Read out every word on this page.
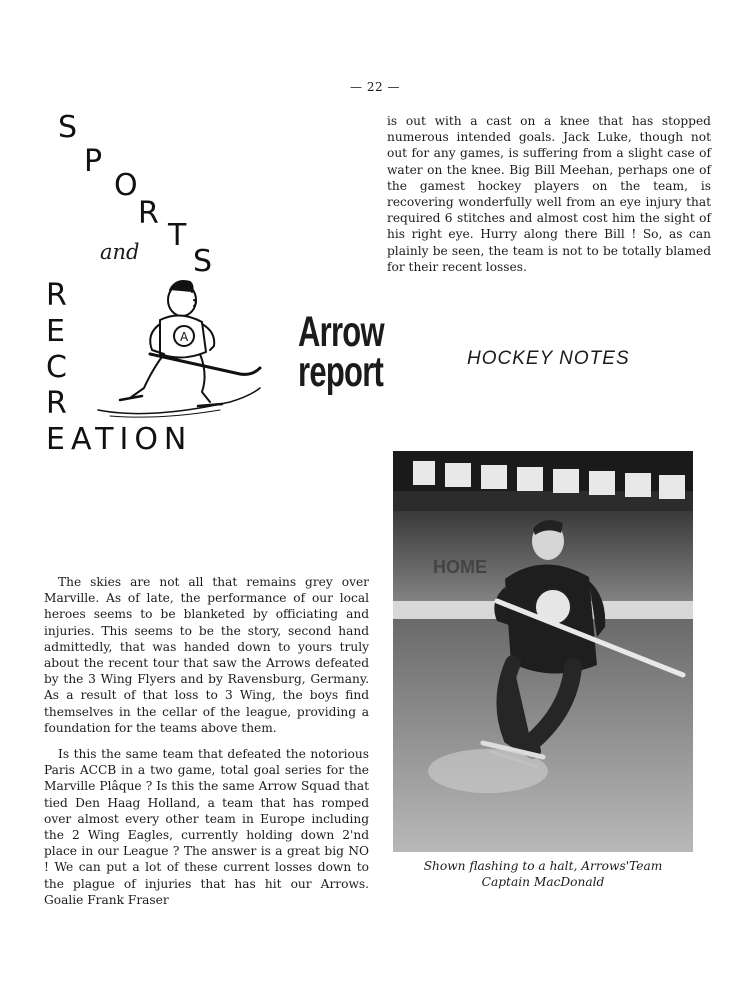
— 22 —
S
P
O
R
T
S
and
R
E
C
R
EATION
A	Arrow
report	HOCKEY NOTES

is out with a cast on a knee that has stopped numerous intended goals. Jack Luke, though not out for any games, is suffering from a slight case of water on the knee. Big Bill Meehan, perhaps one of the gamest hockey players on the team, is recovering wonderfully well from an eye injury that required 6 stitches and almost cost him the sight of his right eye. Hurry along there Bill ! So, as can plainly be seen, the team is not to be totally blamed for their recent losses.

The skies are not all that remains grey over Marville. As of late, the performance of our local heroes seems to be blanketed by officiating and injuries. This seems to be the story, second hand admittedly, that was handed down to yours truly about the recent tour that saw the Arrows defeated by the 3 Wing Flyers and by Ravensburg, Germany. As a result of that loss to 3 Wing, the boys find themselves in the cellar of the league, providing a foundation for the teams above them.

Is this the same team that defeated the notorious Paris ACCB in a two game, total goal series for the Marville Plâque ? Is this the same Arrow Squad that tied Den Haag Holland, a team that has romped over almost every other team in Europe including the 2 Wing Eagles, currently holding down 2'nd place in our League ? The answer is a great big NO ! We can put a lot of these current losses down to the plague of injuries that has hit our Arrows. Goalie Frank Fraser

HOME
Shown flashing to a halt, Arrows'Team
Captain MacDonald
